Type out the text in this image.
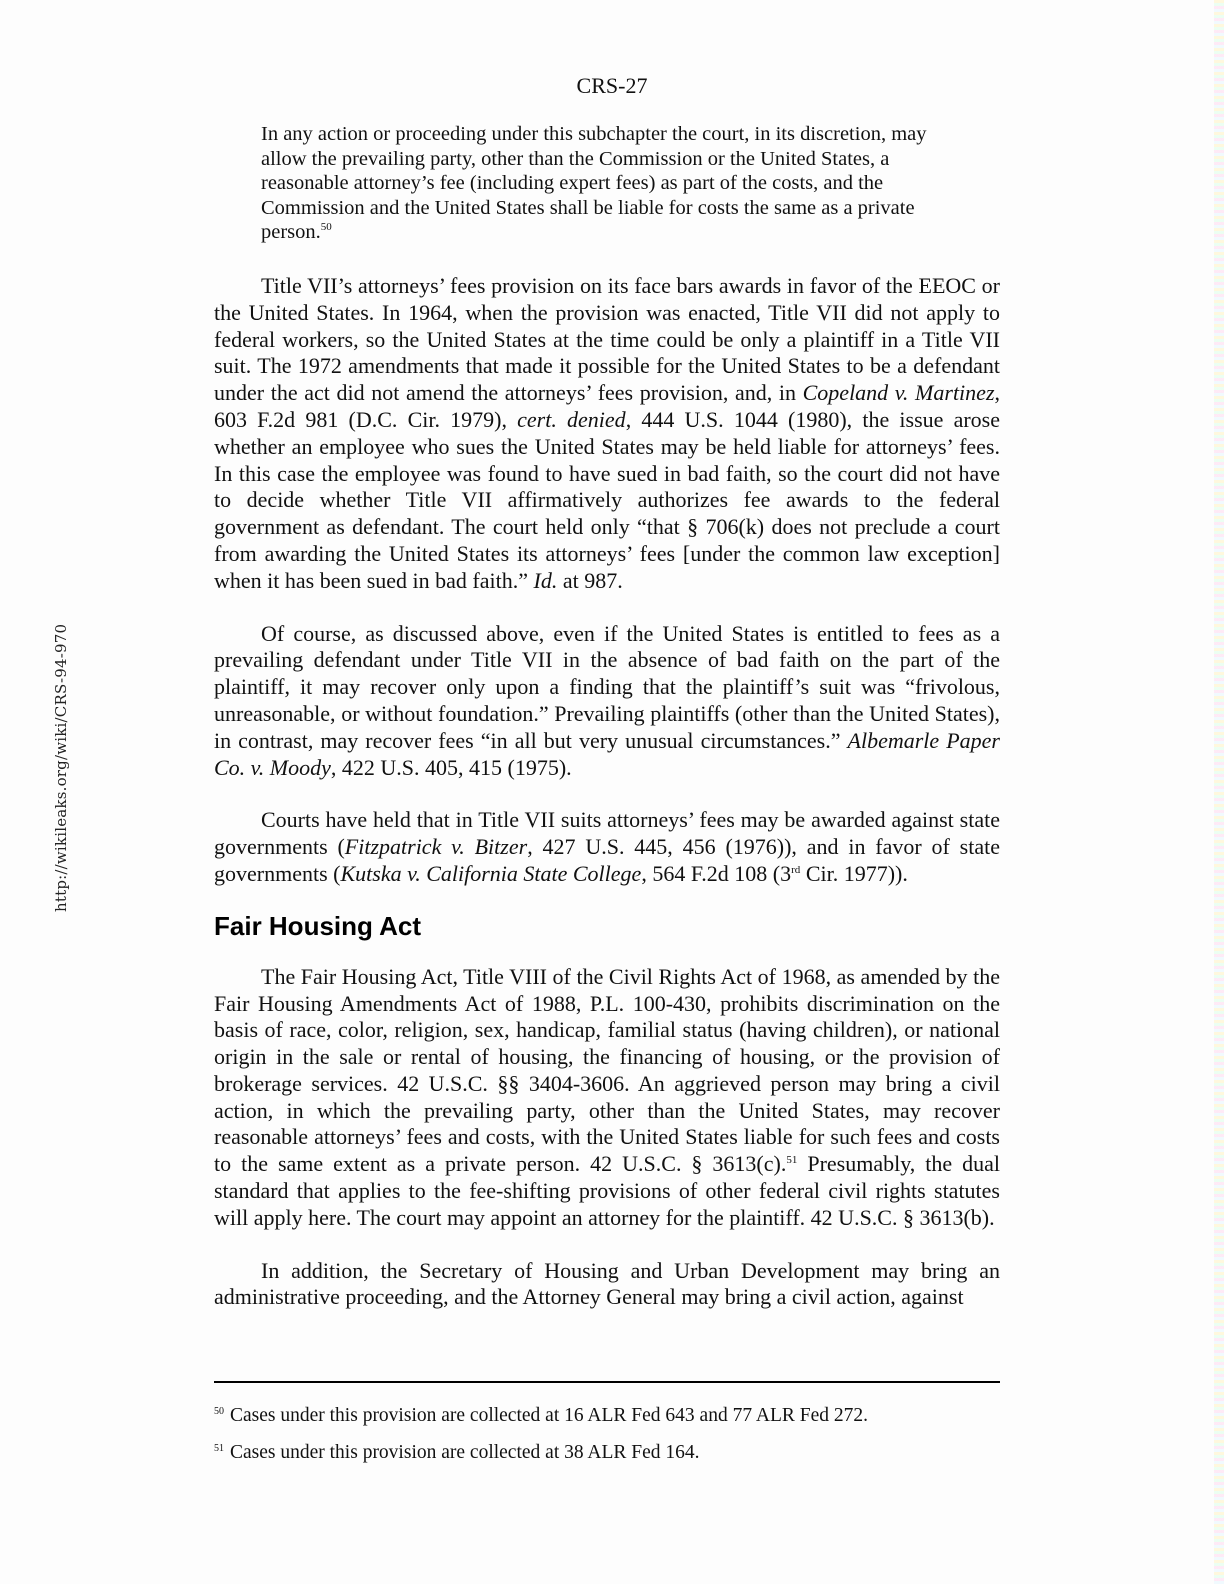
http://wikileaks.org/wiki/CRS-94-970
CRS-27
In any action or proceeding under this subchapter the court, in its discretion, may allow the prevailing party, other than the Commission or the United States, a reasonable attorney’s fee (including expert fees) as part of the costs, and the Commission and the United States shall be liable for costs the same as a private person.$^{50}$

Title VII’s attorneys’ fees provision on its face bars awards in favor of the EEOC or the United States. In 1964, when the provision was enacted, Title VII did not apply to federal workers, so the United States at the time could be only a plaintiff in a Title VII suit. The 1972 amendments that made it possible for the United States to be a defendant under the act did not amend the attorneys’ fees provision, and, in Copeland v. Martinez, 603 F.2d 981 (D.C. Cir. 1979), cert. denied, 444 U.S. 1044 (1980), the issue arose whether an employee who sues the United States may be held liable for attorneys’ fees. In this case the employee was found to have sued in bad faith, so the court did not have to decide whether Title VII affirmatively authorizes fee awards to the federal government as defendant. The court held only “that § 706(k) does not preclude a court from awarding the United States its attorneys’ fees [under the common law exception] when it has been sued in bad faith.” Id. at 987.

Of course, as discussed above, even if the United States is entitled to fees as a prevailing defendant under Title VII in the absence of bad faith on the part of the plaintiff, it may recover only upon a finding that the plaintiff’s suit was “frivolous, unreasonable, or without foundation.” Prevailing plaintiffs (other than the United States), in contrast, may recover fees “in all but very unusual circumstances.” Albemarle Paper Co. v. Moody, 422 U.S. 405, 415 (1975).

Courts have held that in Title VII suits attorneys’ fees may be awarded against state governments (Fitzpatrick v. Bitzer, 427 U.S. 445, 456 (1976)), and in favor of state governments (Kutska v. California State College, 564 F.2d 108 (3rd Cir. 1977)).

Fair Housing Act

The Fair Housing Act, Title VIII of the Civil Rights Act of 1968, as amended by the Fair Housing Amendments Act of 1988, P.L. 100-430, prohibits discrimination on the basis of race, color, religion, sex, handicap, familial status (having children), or national origin in the sale or rental of housing, the financing of housing, or the provision of brokerage services. 42 U.S.C. §§ 3404-3606. An aggrieved person may bring a civil action, in which the prevailing party, other than the United States, may recover reasonable attorneys’ fees and costs, with the United States liable for such fees and costs to the same extent as a private person. 42 U.S.C. § 3613(c).$^{51}$ Presumably, the dual standard that applies to the fee-shifting provisions of other federal civil rights statutes will apply here. The court may appoint an attorney for the plaintiff. 42 U.S.C. § 3613(b).

In addition, the Secretary of Housing and Urban Development may bring an administrative proceeding, and the Attorney General may bring a civil action, against

$^{50}$ Cases under this provision are collected at 16 ALR Fed 643 and 77 ALR Fed 272.

$^{51}$ Cases under this provision are collected at 38 ALR Fed 164.
